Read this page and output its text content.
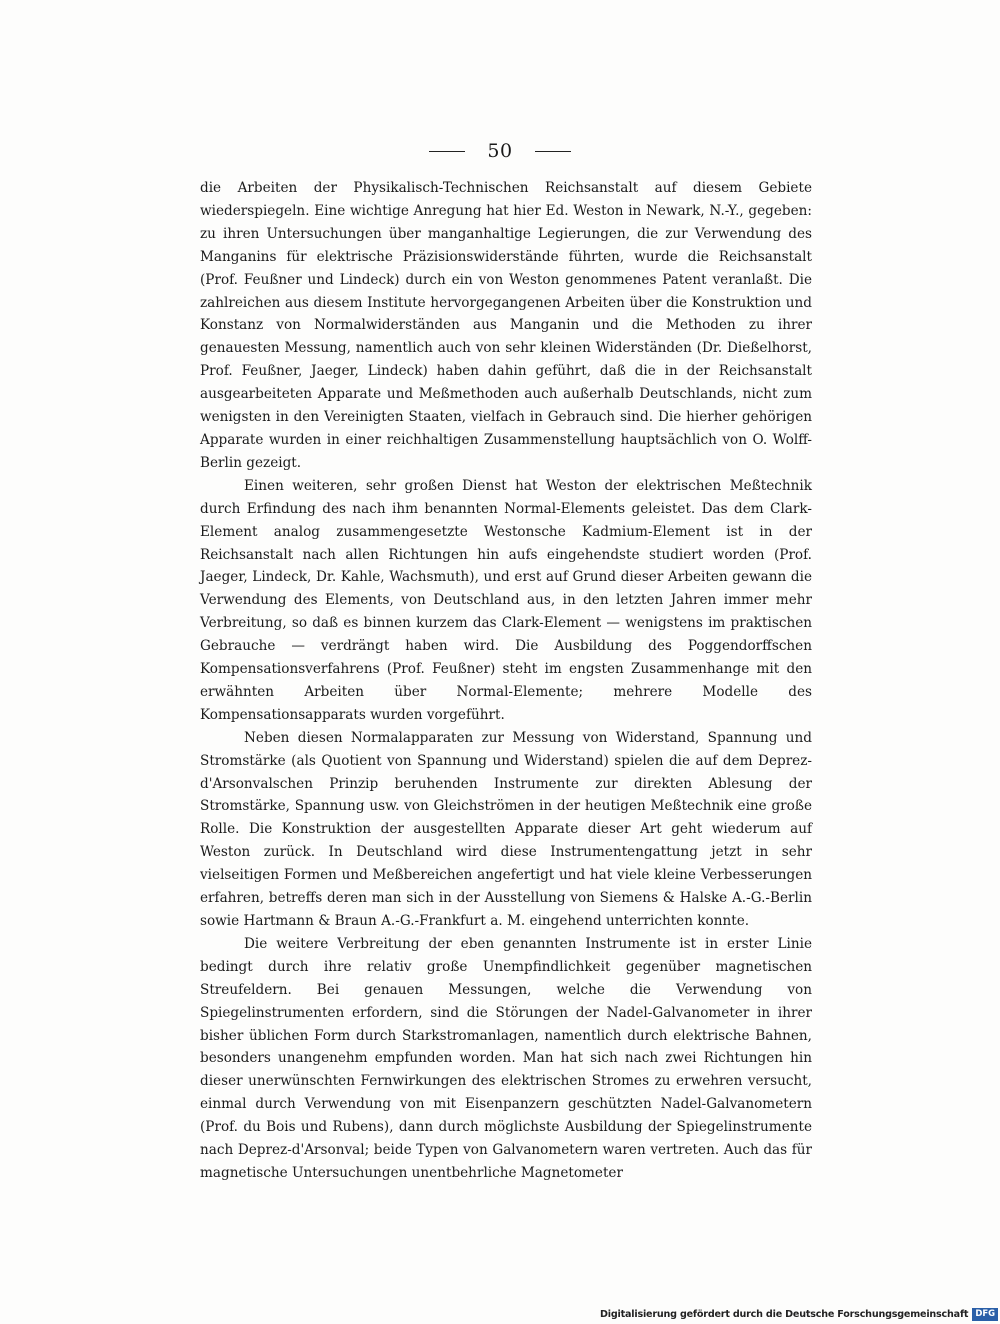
50

die Arbeiten der Physikalisch-Technischen Reichsanstalt auf diesem Gebiete wiederspiegeln. Eine wichtige Anregung hat hier Ed. Weston in Newark, N.-Y., gegeben: zu ihren Untersuchungen über manganhaltige Legierungen, die zur Verwendung des Manganins für elektrische Präzisionswiderstände führten, wurde die Reichsanstalt (Prof. Feußner und Lindeck) durch ein von Weston genommenes Patent veranlaßt. Die zahlreichen aus diesem Institute hervorgegangenen Arbeiten über die Konstruktion und Konstanz von Normalwiderständen aus Manganin und die Methoden zu ihrer genauesten Messung, namentlich auch von sehr kleinen Widerständen (Dr. Dießelhorst, Prof. Feußner, Jaeger, Lindeck) haben dahin geführt, daß die in der Reichsanstalt ausgearbeiteten Apparate und Meßmethoden auch außerhalb Deutschlands, nicht zum wenigsten in den Vereinigten Staaten, vielfach in Gebrauch sind. Die hierher gehörigen Apparate wurden in einer reichhaltigen Zusammenstellung hauptsächlich von O. Wolff-Berlin gezeigt.

Einen weiteren, sehr großen Dienst hat Weston der elektrischen Meßtechnik durch Erfindung des nach ihm benannten Normal-Elements geleistet. Das dem Clark-Element analog zusammengesetzte Westonsche Kadmium-Element ist in der Reichsanstalt nach allen Richtungen hin aufs eingehendste studiert worden (Prof. Jaeger, Lindeck, Dr. Kahle, Wachsmuth), und erst auf Grund dieser Arbeiten gewann die Verwendung des Elements, von Deutschland aus, in den letzten Jahren immer mehr Verbreitung, so daß es binnen kurzem das Clark-Element — wenigstens im praktischen Gebrauche — verdrängt haben wird. Die Ausbildung des Poggendorffschen Kompensationsverfahrens (Prof. Feußner) steht im engsten Zusammenhange mit den erwähnten Arbeiten über Normal-Elemente; mehrere Modelle des Kompensationsapparats wurden vorgeführt.

Neben diesen Normalapparaten zur Messung von Widerstand, Spannung und Stromstärke (als Quotient von Spannung und Widerstand) spielen die auf dem Deprez-d'Arsonvalschen Prinzip beruhenden Instrumente zur direkten Ablesung der Stromstärke, Spannung usw. von Gleichströmen in der heutigen Meßtechnik eine große Rolle. Die Konstruktion der ausgestellten Apparate dieser Art geht wiederum auf Weston zurück. In Deutschland wird diese Instrumentengattung jetzt in sehr vielseitigen Formen und Meßbereichen angefertigt und hat viele kleine Verbesserungen erfahren, betreffs deren man sich in der Ausstellung von Siemens & Halske A.-G.-Berlin sowie Hartmann & Braun A.-G.-Frankfurt a. M. eingehend unterrichten konnte.

Die weitere Verbreitung der eben genannten Instrumente ist in erster Linie bedingt durch ihre relativ große Unempfindlichkeit gegenüber magnetischen Streufeldern. Bei genauen Messungen, welche die Verwendung von Spiegelinstrumenten erfordern, sind die Störungen der Nadel-Galvanometer in ihrer bisher üblichen Form durch Starkstromanlagen, namentlich durch elektrische Bahnen, besonders unangenehm empfunden worden. Man hat sich nach zwei Richtungen hin dieser unerwünschten Fernwirkungen des elektrischen Stromes zu erwehren versucht, einmal durch Verwendung von mit Eisenpanzern geschützten Nadel-Galvanometern (Prof. du Bois und Rubens), dann durch möglichste Ausbildung der Spiegelinstrumente nach Deprez-d'Arsonval; beide Typen von Galvanometern waren vertreten. Auch das für magnetische Untersuchungen unentbehrliche Magnetometer

Digitalisierung gefördert durch die Deutsche Forschungsgemeinschaft DFG
